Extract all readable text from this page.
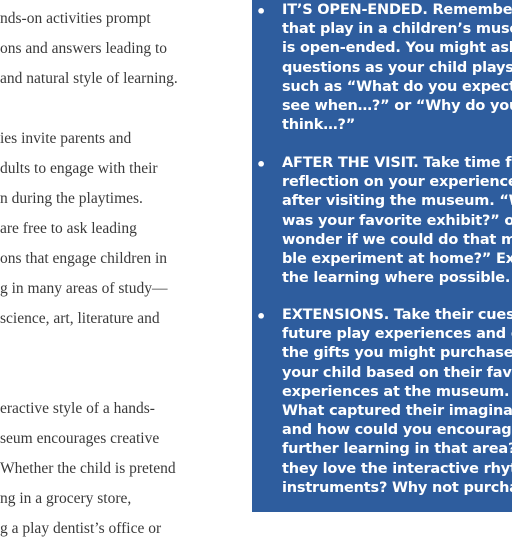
nds-on activities prompt
ons and answers leading to
and natural style of learning.
ies invite parents and
dults to engage with their
n during the playtimes.
are free to ask leading
ons that engage children in
g in many areas of study—
science, art, literature and
eractive style of a hands-
seum encourages creative
Whether the child is pretend
ng in a grocery store,
g a play dentist’s office or
• IT’S OPEN-ENDED. Remembe
that play in a children’s muse
is open-ended. You might ask
questions as your child plays,
such as “What do you expect
see when…?” or “Why do you
think…?”
• AFTER THE VISIT. Take time fo
reflection on your experience
after visiting the museum. “W
was your favorite exhibit?” or
wonder if we could do that m
ble experiment at home?” Ext
the learning where possible.
• EXTENSIONS. Take their cues
future play experiences and e
the gifts you might purchase
your child based on their favo
experiences at the museum.
What captured their imaginat
and how could you encourage
further learning in that area?
they love the interactive rhyt
instruments? Why not purcha
